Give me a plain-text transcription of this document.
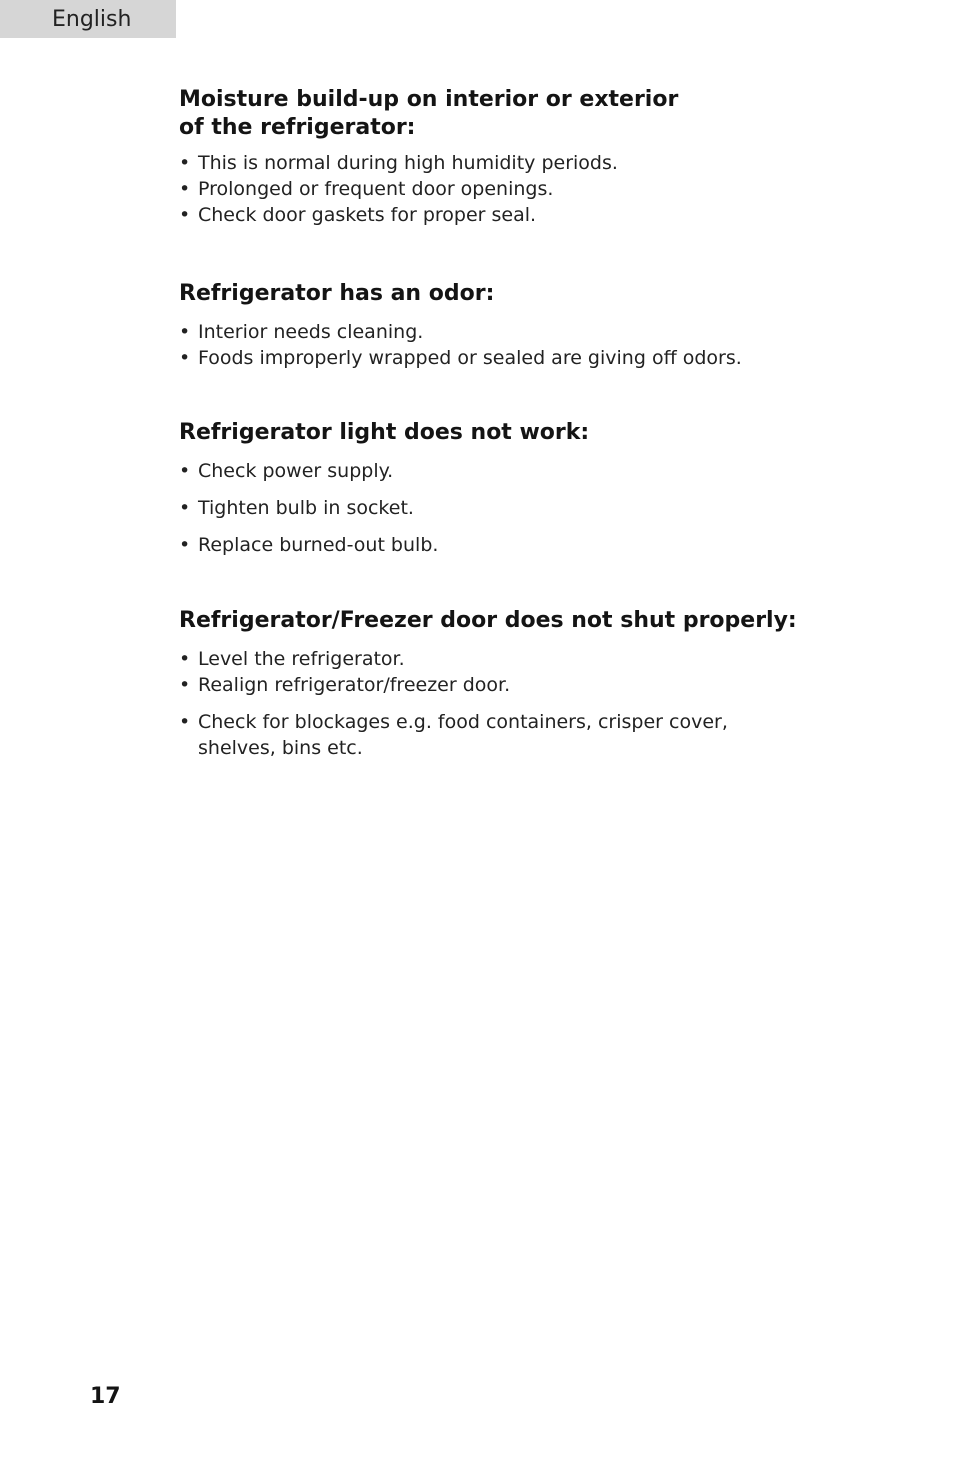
English
Moisture build-up on interior or exterior
of the refrigerator:
• This is normal during high humidity periods.
• Prolonged or frequent door openings.
• Check door gaskets for proper seal.
Refrigerator has an odor:
• Interior needs cleaning.
• Foods improperly wrapped or sealed are giving off odors.
Refrigerator light does not work:
• Check power supply.
• Tighten bulb in socket.
• Replace burned-out bulb.
Refrigerator/Freezer door does not shut properly:
• Level the refrigerator.
• Realign refrigerator/freezer door.
• Check for blockages e.g. food containers, crisper cover,
shelves, bins etc.
17
